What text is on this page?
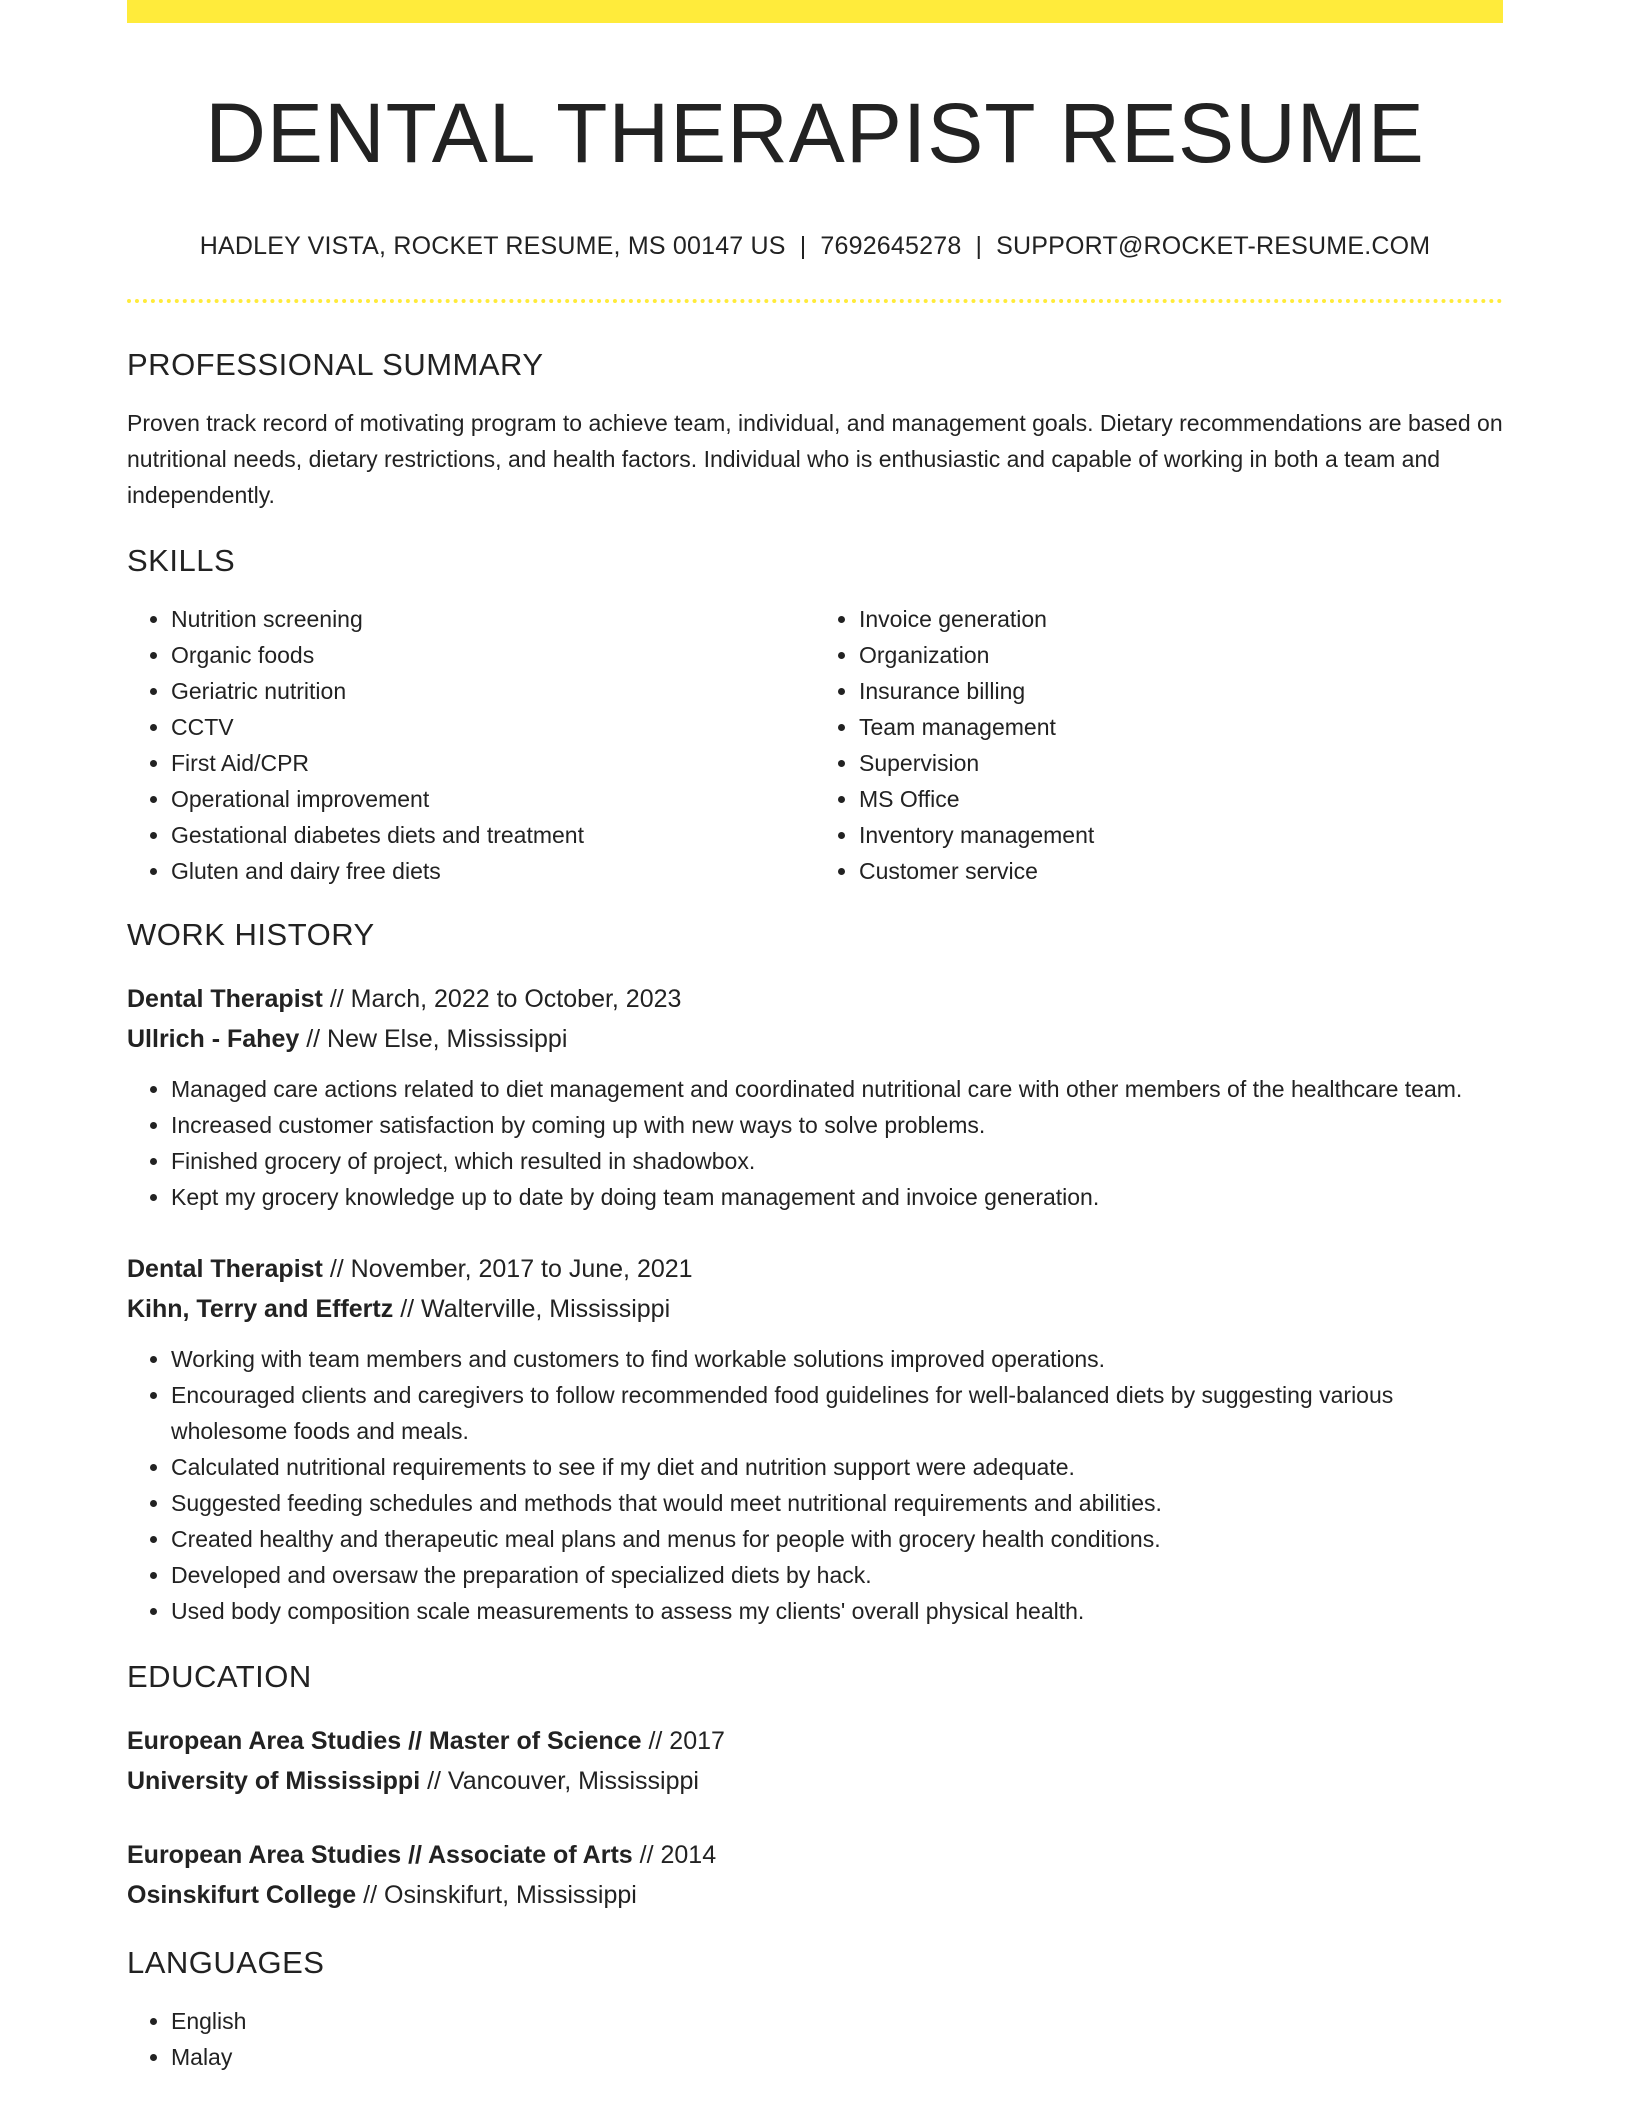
DENTAL THERAPIST RESUME
HADLEY VISTA, ROCKET RESUME, MS 00147 US | 7692645278 | SUPPORT@ROCKET-RESUME.COM
PROFESSIONAL SUMMARY

Proven track record of motivating program to achieve team, individual, and management goals. Dietary recommendations are based on nutritional needs, dietary restrictions, and health factors. Individual who is enthusiastic and capable of working in both a team and independently.

SKILLS
• Nutrition screening
• Organic foods
• Geriatric nutrition
• CCTV
• First Aid/CPR
• Operational improvement
• Gestational diabetes diets and treatment
• Gluten and dairy free diets
• Invoice generation
• Organization
• Insurance billing
• Team management
• Supervision
• MS Office
• Inventory management
• Customer service
WORK HISTORY
Dental Therapist // March, 2022 to October, 2023
Ullrich - Fahey // New Else, Mississippi
• Managed care actions related to diet management and coordinated nutritional care with other members of the healthcare team.
• Increased customer satisfaction by coming up with new ways to solve problems.
• Finished grocery of project, which resulted in shadowbox.
• Kept my grocery knowledge up to date by doing team management and invoice generation.
Dental Therapist // November, 2017 to June, 2021
Kihn, Terry and Effertz // Walterville, Mississippi
• Working with team members and customers to find workable solutions improved operations.
• Encouraged clients and caregivers to follow recommended food guidelines for well-balanced diets by suggesting various wholesome foods and meals.
• Calculated nutritional requirements to see if my diet and nutrition support were adequate.
• Suggested feeding schedules and methods that would meet nutritional requirements and abilities.
• Created healthy and therapeutic meal plans and menus for people with grocery health conditions.
• Developed and oversaw the preparation of specialized diets by hack.
• Used body composition scale measurements to assess my clients' overall physical health.
EDUCATION
European Area Studies // Master of Science // 2017
University of Mississippi // Vancouver, Mississippi
European Area Studies // Associate of Arts // 2014
Osinskifurt College // Osinskifurt, Mississippi
LANGUAGES
• English
• Malay
